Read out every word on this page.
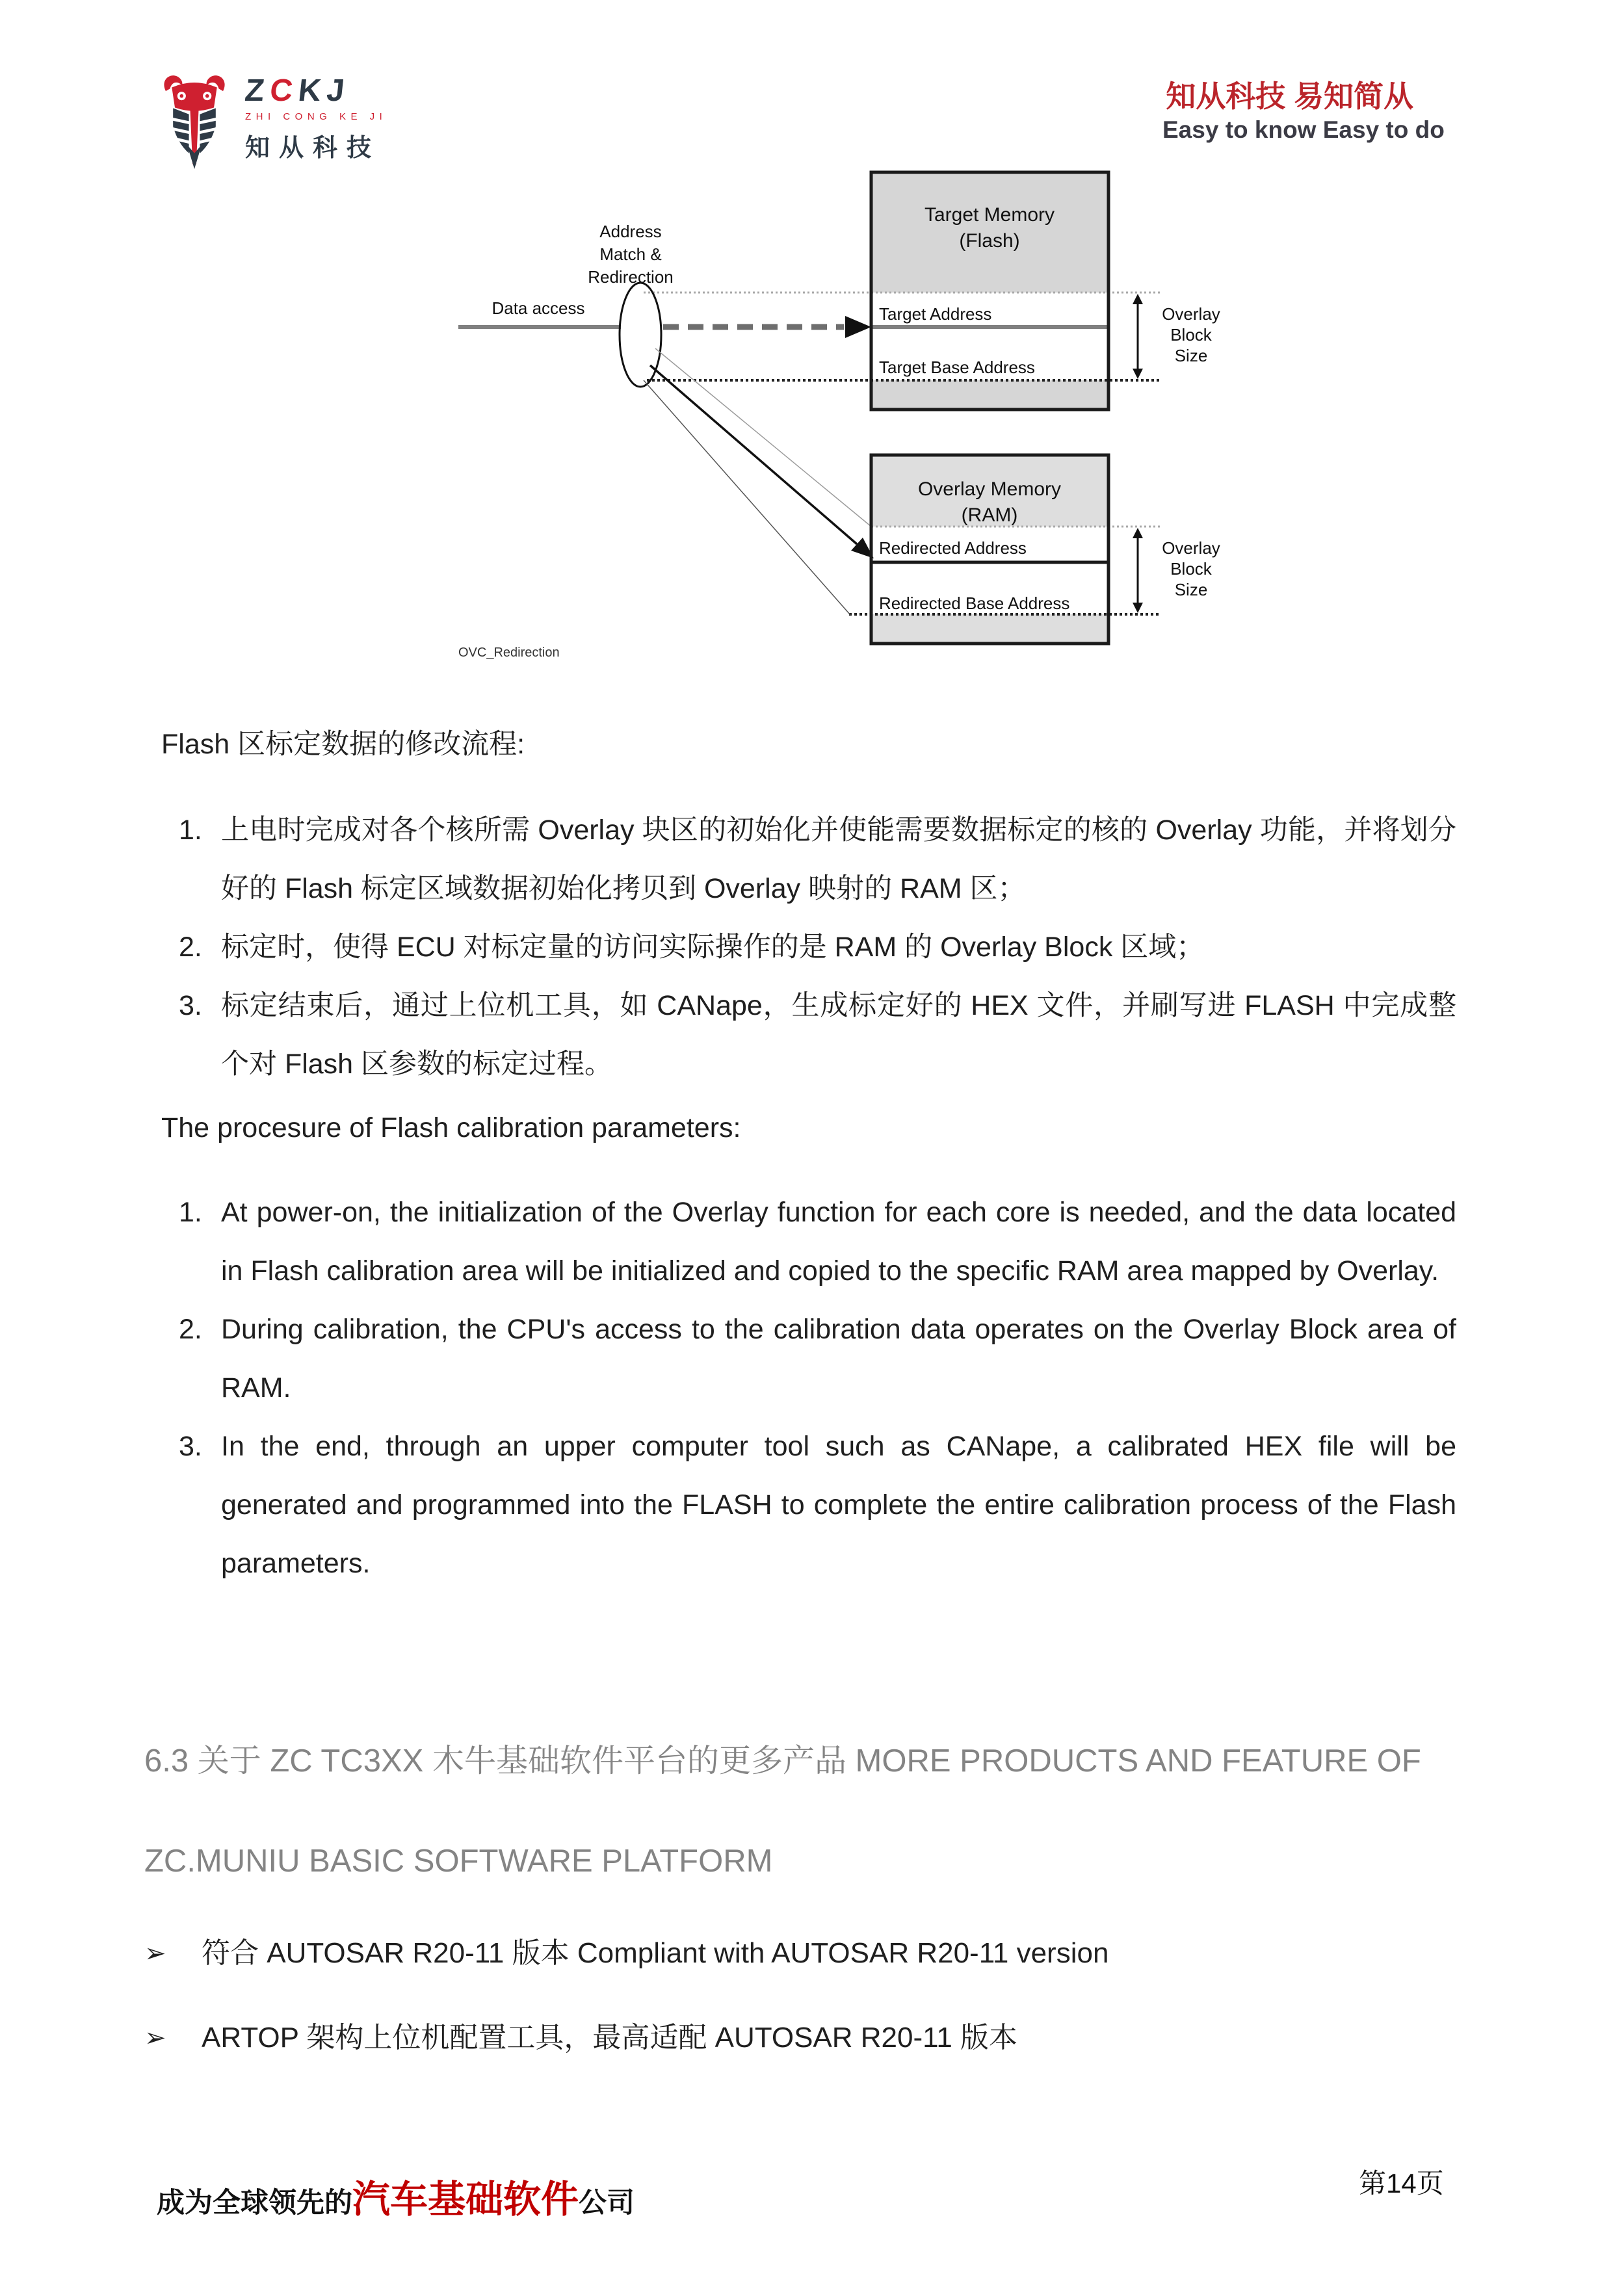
Z
C
K
J
ZHI CONG KE JI
知从科技
知从科技 易知简从
Easy to know Easy to do
Address
Match &
Redirection
Data access
Target Memory
(Flash)
Target Address
Target Base Address
Overlay Memory
(RAM)
Redirected Address
Redirected Base Address
Overlay
Block
Size
Overlay
Block
Size
OVC_Redirection

Flash 区标定数据的修改流程:

1. 上电时完成对各个核所需 Overlay 块区的初始化并使能需要数据标定的核的 Overlay 功能，并将划分好的 Flash 标定区域数据初始化拷贝到 Overlay 映射的 RAM 区；
2. 标定时，使得 ECU 对标定量的访问实际操作的是 RAM 的 Overlay Block 区域；
3. 标定结束后，通过上位机工具，如 CANape，生成标定好的 HEX 文件，并刷写进 FLASH 中完成整个对 Flash 区参数的标定过程。

The procesure of Flash calibration parameters:

1. At power-on, the initialization of the Overlay function for each core is needed, and the data located in Flash calibration area will be initialized and copied to the specific RAM area mapped by Overlay.
2. During calibration, the CPU's access to the calibration data operates on the Overlay Block area of RAM.
3. In the end, through an upper computer tool such as CANape, a calibrated HEX file will be generated and programmed into the FLASH to complete the entire calibration process of the Flash parameters.
6.3 关于 ZC TC3XX 木牛基础软件平台的更多产品 MORE PRODUCTS AND FEATURE OF
ZC.MUNIU BASIC SOFTWARE PLATFORM
➢ 符合 AUTOSAR R20-11 版本 Compliant with AUTOSAR R20-11 version
➢ ARTOP 架构上位机配置工具，最高适配 AUTOSAR R20-11 版本
成为全球领先的汽车基础软件公司
第14页
